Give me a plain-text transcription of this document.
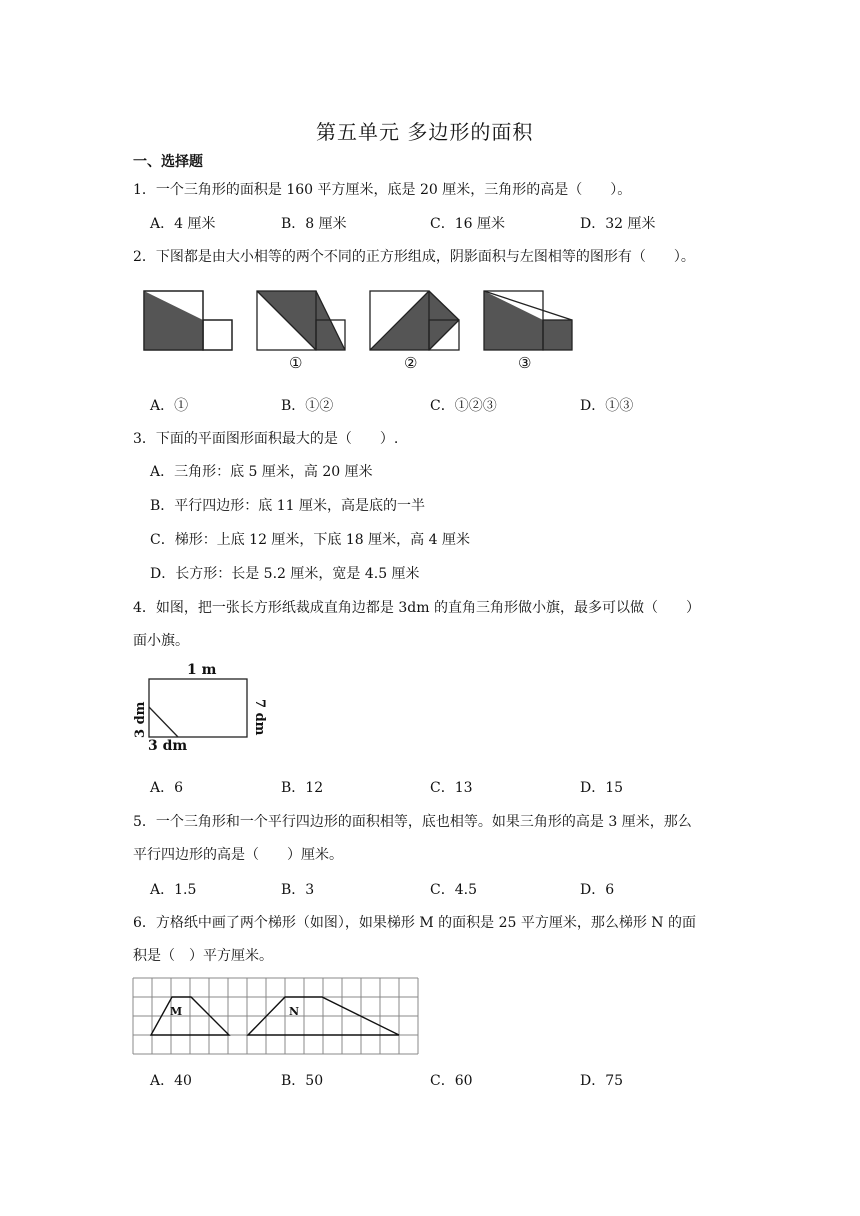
第五单元 多边形的面积
一、选择题
1．一个三角形的面积是 160 平方厘米，底是 20 厘米，三角形的高是（　　）。
A．4 厘米	B．8 厘米	C．16 厘米	D．32 厘米
2．下图都是由大小相等的两个不同的正方形组成，阴影面积与左图相等的图形有（　　）。
①	②	③
A．①	B．①②	C．①②③	D．①③
3．下面的平面图形面积最大的是（　　）.
A．三角形：底 5 厘米，高 20 厘米
B．平行四边形：底 11 厘米，高是底的一半
C．梯形：上底 12 厘米，下底 18 厘米，高 4 厘米
D．长方形：长是 5.2 厘米，宽是 4.5 厘米
4．如图，把一张长方形纸裁成直角边都是 3dm 的直角三角形做小旗，最多可以做（　　）
面小旗。
1 m
7 dm
3 dm
3 dm
A．6	B．12	C．13	D．15
5．一个三角形和一个平行四边形的面积相等，底也相等。如果三角形的高是 3 厘米，那么
平行四边形的高是（　　）厘米。
A．1.5	B．3	C．4.5	D．6
6．方格纸中画了两个梯形（如图），如果梯形 M 的面积是 25 平方厘米，那么梯形 N 的面
积是（　）平方厘米。
M	N
A．40	B．50	C．60	D．75
